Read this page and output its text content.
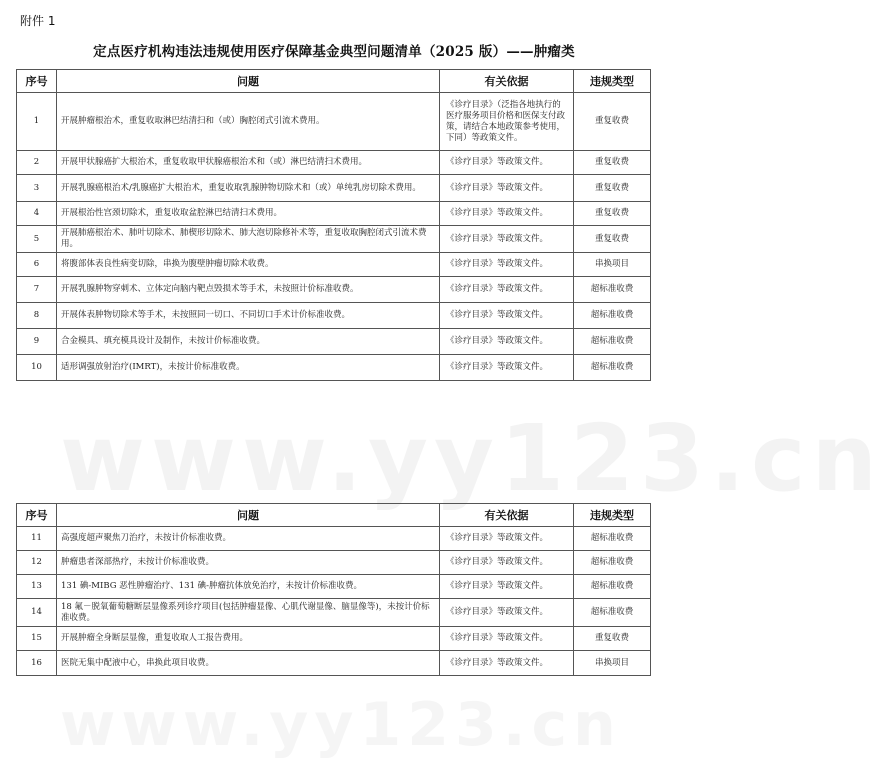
www.yy123.cn
www.yy123.cn
附件 1
定点医疗机构违法违规使用医疗保障基金典型问题清单（2025 版）——肿瘤类
序号	问题	有关依据	违规类型
1	开展肿瘤根治术，重复收取淋巴结清扫和（或）胸腔闭式引流术费用。	《诊疗目录》（泛指各地执行的医疗服务项目价格和医保支付政策，请结合本地政策参考使用，下同）等政策文件。	重复收费
2	开展甲状腺癌扩大根治术，重复收取甲状腺癌根治术和（或）淋巴结清扫术费用。	《诊疗目录》等政策文件。	重复收费
3	开展乳腺癌根治术/乳腺癌扩大根治术，重复收取乳腺肿物切除术和（或）单纯乳房切除术费用。	《诊疗目录》等政策文件。	重复收费
4	开展根治性宫颈切除术，重复收取盆腔淋巴结清扫术费用。	《诊疗目录》等政策文件。	重复收费
5	开展肺癌根治术、肺叶切除术、肺楔形切除术、肺大泡切除修补术等，重复收取胸腔闭式引流术费用。	《诊疗目录》等政策文件。	重复收费
6	将腹部体表良性病变切除，串换为腹壁肿瘤切除术收费。	《诊疗目录》等政策文件。	串换项目
7	开展乳腺肿物穿刺术、立体定向脑内靶点毁损术等手术，未按照计价标准收费。	《诊疗目录》等政策文件。	超标准收费
8	开展体表肿物切除术等手术，未按照同一切口、不同切口手术计价标准收费。	《诊疗目录》等政策文件。	超标准收费
9	合金模具、填充模具设计及制作，未按计价标准收费。	《诊疗目录》等政策文件。	超标准收费
10	适形调强放射治疗(IMRT)，未按计价标准收费。	《诊疗目录》等政策文件。	超标准收费
序号	问题	有关依据	违规类型
11	高强度超声聚焦刀治疗，未按计价标准收费。	《诊疗目录》等政策文件。	超标准收费
12	肿瘤患者深部热疗，未按计价标准收费。	《诊疗目录》等政策文件。	超标准收费
13	131 碘-MIBG 恶性肿瘤治疗、131 碘-肿瘤抗体放免治疗，未按计价标准收费。	《诊疗目录》等政策文件。	超标准收费
14	18 氟－脱氧葡萄糖断层显像系列诊疗项目(包括肿瘤显像、心肌代谢显像、脑显像等)，未按计价标准收费。	《诊疗目录》等政策文件。	超标准收费
15	开展肿瘤全身断层显像，重复收取人工报告费用。	《诊疗目录》等政策文件。	重复收费
16	医院无集中配液中心，串换此项目收费。	《诊疗目录》等政策文件。	串换项目
